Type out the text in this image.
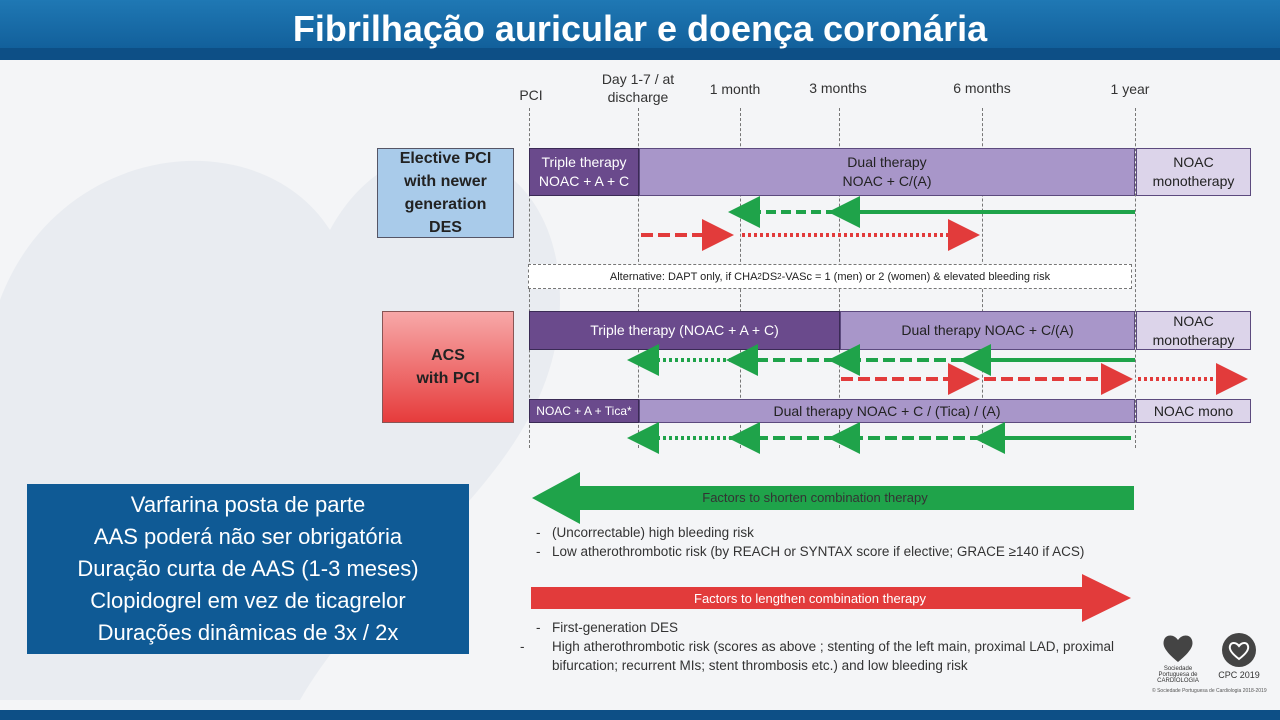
Fibrilhação auricular e doença coronária
PCI
Day 1-7 / at discharge	1 month	3 months	6 months	1 year
Elective PCI with newer generation DES
Triple therapy NOAC + A + C
Dual therapy NOAC + C/(A)
NOAC monotherapy
Alternative: DAPT only, if CHA 2 DS 2 -VASc = 1 (men) or 2 (women) & elevated bleeding risk
ACS with PCI
Triple therapy (NOAC + A + C)	Dual therapy NOAC + C/(A)
NOAC monotherapy
NOAC + A + Tica*	Dual therapy NOAC + C / (Tica) / (A)	NOAC mono
Factors to shorten combination therapy
Factors to lengthen combination therapy
- (Uncorrectable) high bleeding risk
- Low atherothrombotic risk (by REACH or SYNTAX score if elective; GRACE ≥140 if ACS)
- First-generation DES
- High atherothrombotic risk (scores as above ; stenting of the left main, proximal LAD, proximal bifurcation; recurrent MIs; stent thrombosis etc.) and low bleeding risk
Varfarina posta de parte
AAS poderá não ser obrigatória
Duração curta de AAS (1-3 meses)
Clopidogrel em vez de ticagrelor
Durações dinâmicas de 3x / 2x
Sociedade Portuguesa de CARDIOLOGIA
CPC 2019
© Sociedade Portuguesa de Cardiologia 2018-2019
